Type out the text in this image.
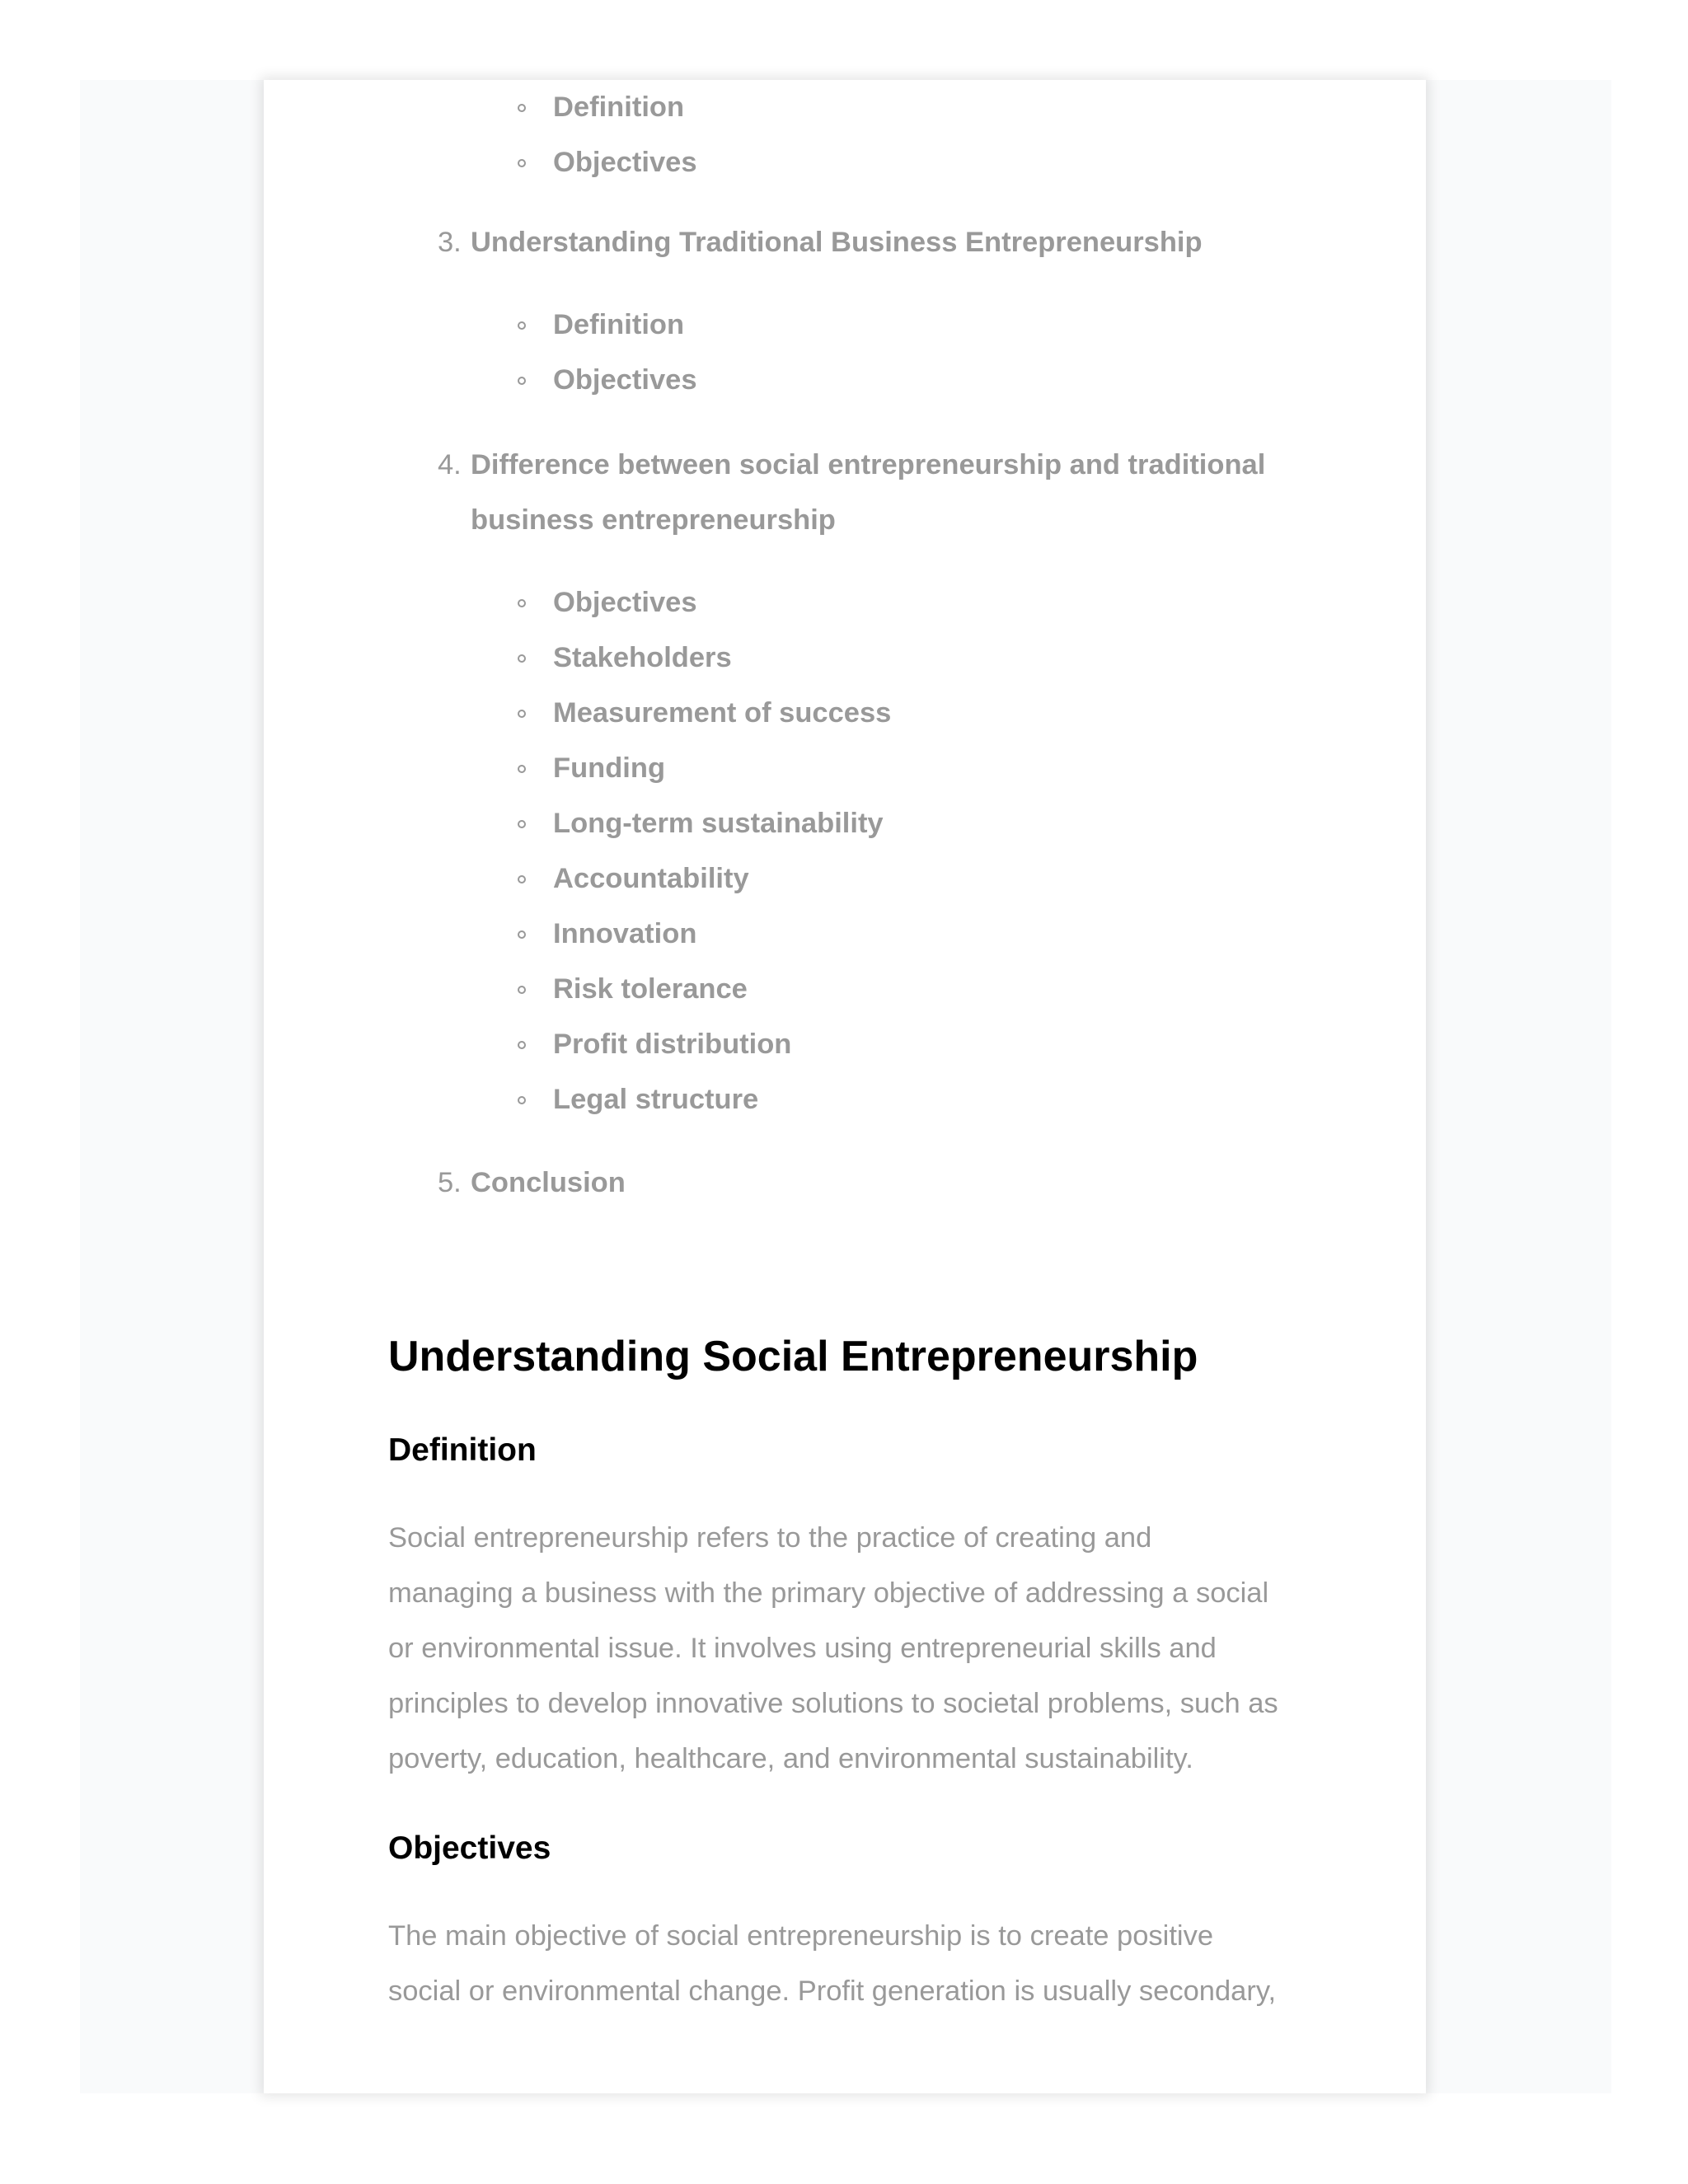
Definition
Objectives
3. Understanding Traditional Business Entrepreneurship
Definition
Objectives
4. Difference between social entrepreneurship and traditional
business entrepreneurship
Objectives
Stakeholders
Measurement of success
Funding
Long-term sustainability
Accountability
Innovation
Risk tolerance
Profit distribution
Legal structure
5. Conclusion
Understanding Social Entrepreneurship
Definition
Social entrepreneurship refers to the practice of creating and
managing a business with the primary objective of addressing a social
or environmental issue. It involves using entrepreneurial skills and
principles to develop innovative solutions to societal problems, such as
poverty, education, healthcare, and environmental sustainability.
Objectives
The main objective of social entrepreneurship is to create positive
social or environmental change. Profit generation is usually secondary,
